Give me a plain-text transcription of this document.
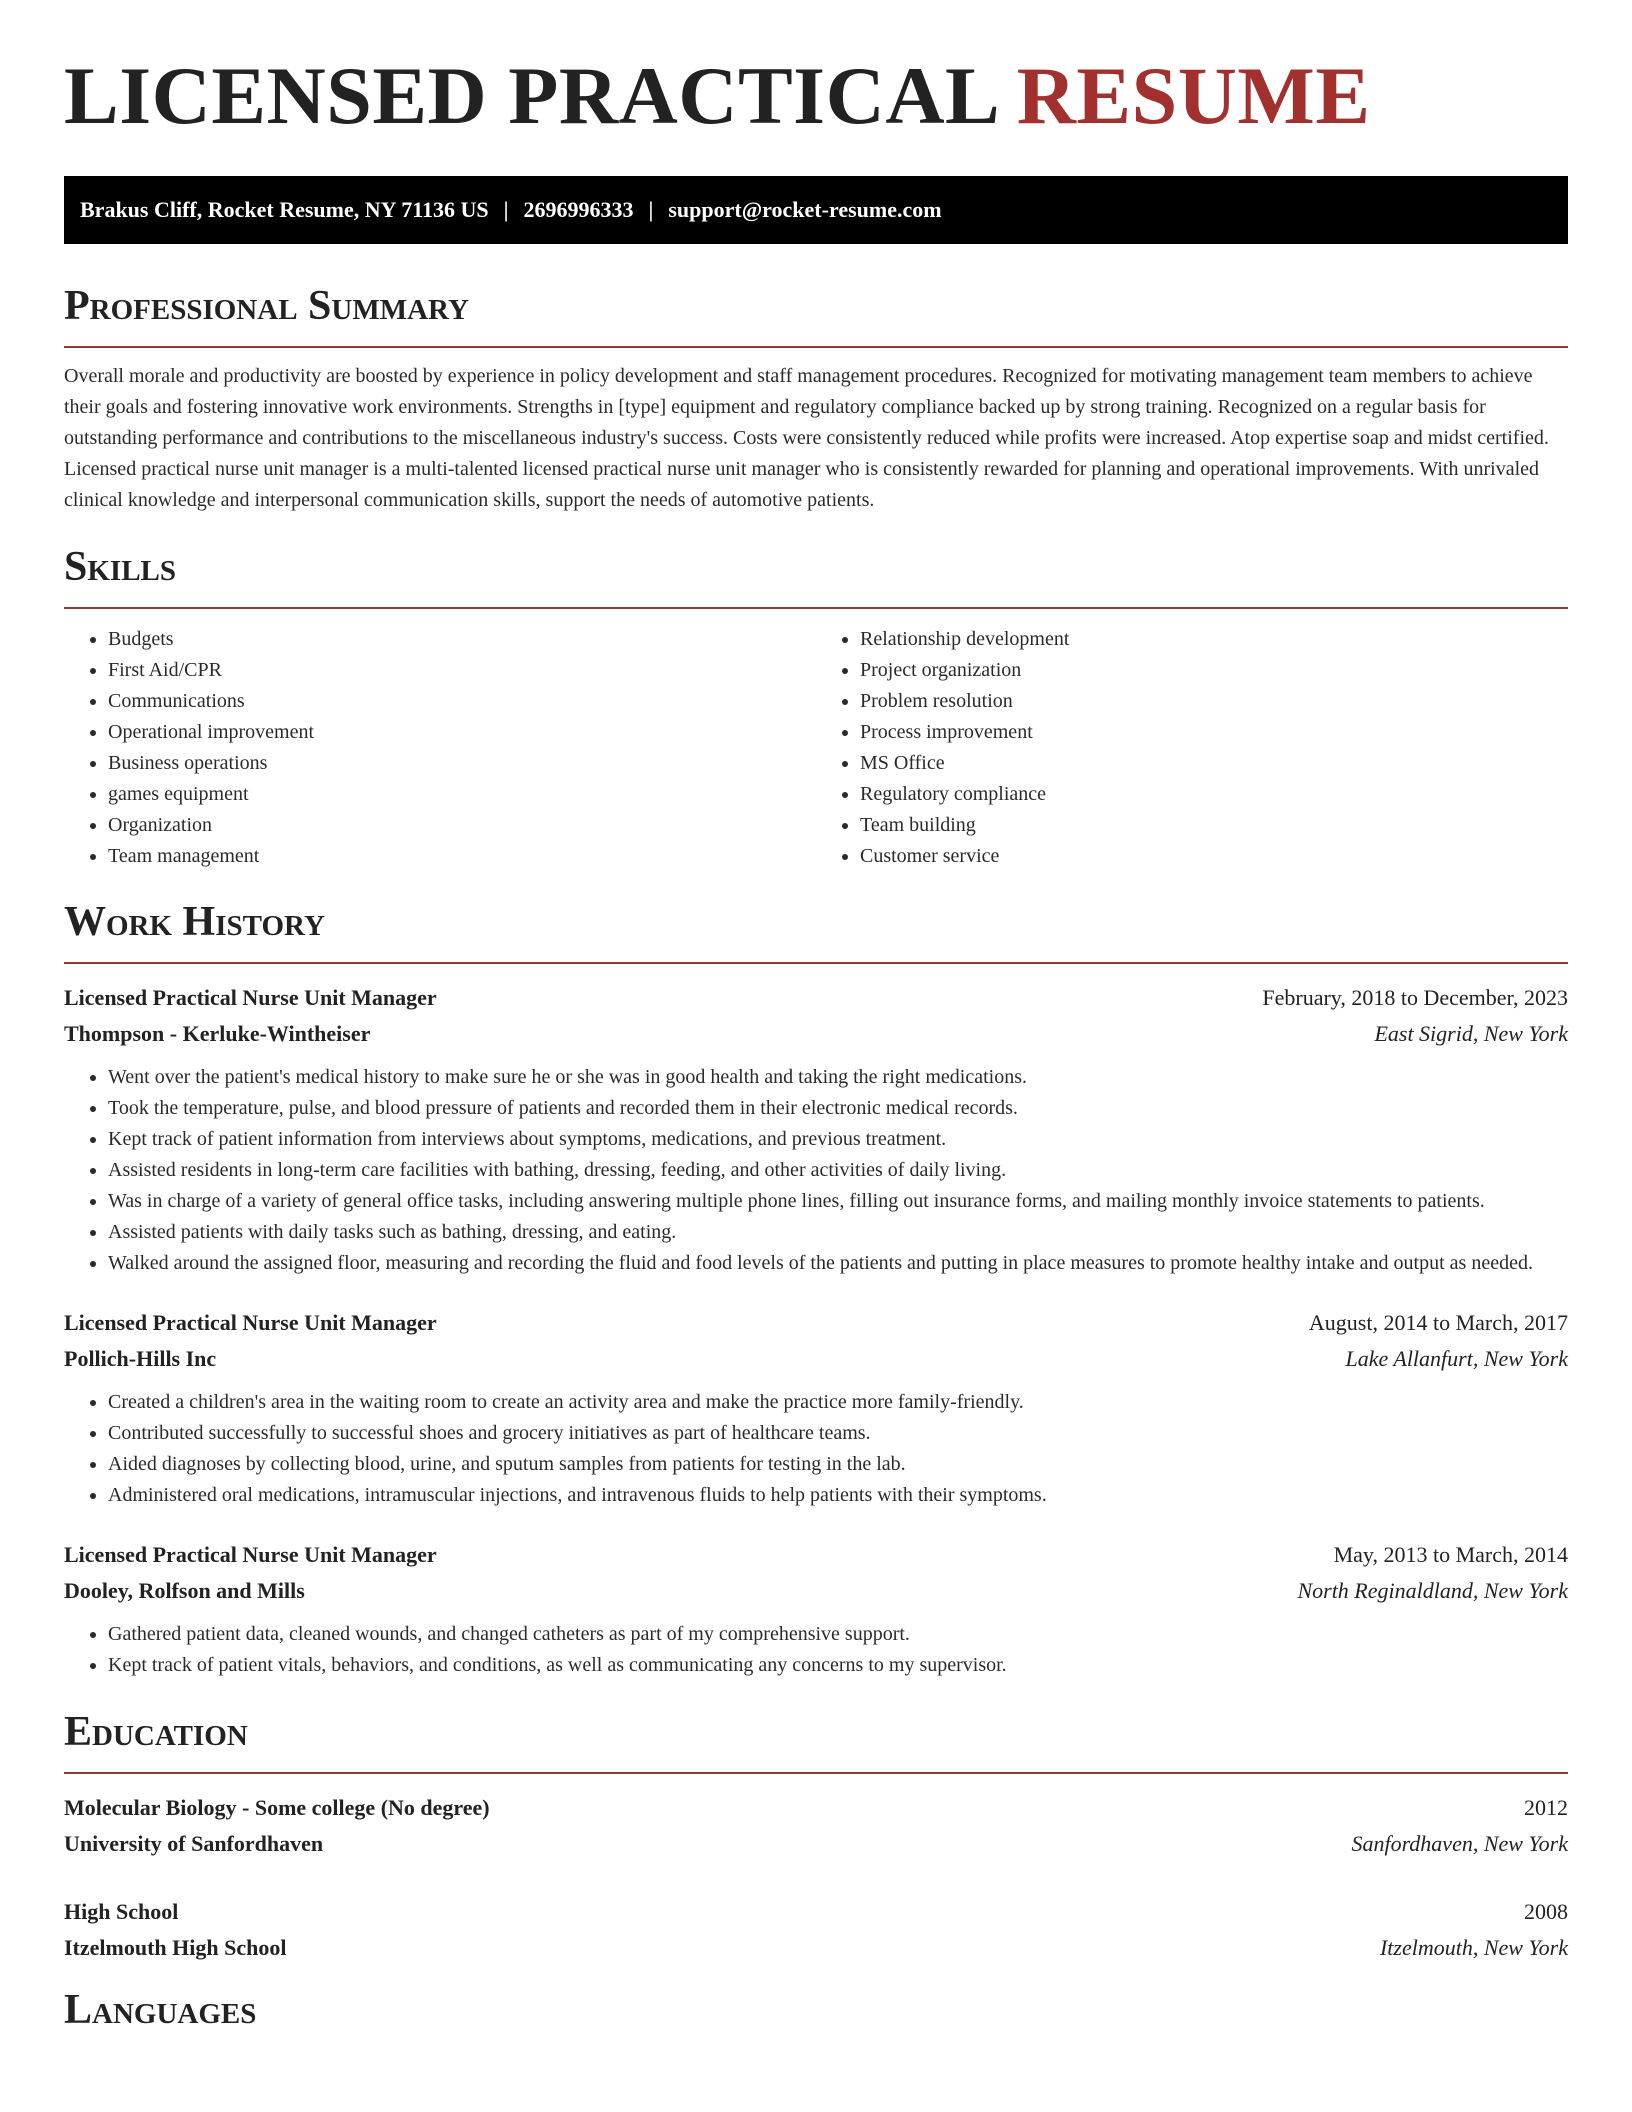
LICENSED PRACTICAL RESUME
Brakus Cliff, Rocket Resume, NY 71136 US | 2696996333 | support@rocket-resume.com
Professional Summary

Overall morale and productivity are boosted by experience in policy development and staff management procedures. Recognized for motivating management team members to achieve their goals and fostering innovative work environments. Strengths in [type] equipment and regulatory compliance backed up by strong training. Recognized on a regular basis for outstanding performance and contributions to the miscellaneous industry's success. Costs were consistently reduced while profits were increased. Atop expertise soap and midst certified. Licensed practical nurse unit manager is a multi-talented licensed practical nurse unit manager who is consistently rewarded for planning and operational improvements. With unrivaled clinical knowledge and interpersonal communication skills, support the needs of automotive patients.

Skills
• Budgets
• First Aid/CPR
• Communications
• Operational improvement
• Business operations
• games equipment
• Organization
• Team management
• Relationship development
• Project organization
• Problem resolution
• Process improvement
• MS Office
• Regulatory compliance
• Team building
• Customer service
Work History
Licensed Practical Nurse Unit Manager	February, 2018 to December, 2023
Thompson - Kerluke-Wintheiser	East Sigrid, New York
• Went over the patient's medical history to make sure he or she was in good health and taking the right medications.
• Took the temperature, pulse, and blood pressure of patients and recorded them in their electronic medical records.
• Kept track of patient information from interviews about symptoms, medications, and previous treatment.
• Assisted residents in long-term care facilities with bathing, dressing, feeding, and other activities of daily living.
• Was in charge of a variety of general office tasks, including answering multiple phone lines, filling out insurance forms, and mailing monthly invoice statements to patients.
• Assisted patients with daily tasks such as bathing, dressing, and eating.
• Walked around the assigned floor, measuring and recording the fluid and food levels of the patients and putting in place measures to promote healthy intake and output as needed.
Licensed Practical Nurse Unit Manager	August, 2014 to March, 2017
Pollich-Hills Inc	Lake Allanfurt, New York
• Created a children's area in the waiting room to create an activity area and make the practice more family-friendly.
• Contributed successfully to successful shoes and grocery initiatives as part of healthcare teams.
• Aided diagnoses by collecting blood, urine, and sputum samples from patients for testing in the lab.
• Administered oral medications, intramuscular injections, and intravenous fluids to help patients with their symptoms.
Licensed Practical Nurse Unit Manager	May, 2013 to March, 2014
Dooley, Rolfson and Mills	North Reginaldland, New York
• Gathered patient data, cleaned wounds, and changed catheters as part of my comprehensive support.
• Kept track of patient vitals, behaviors, and conditions, as well as communicating any concerns to my supervisor.
Education
Molecular Biology - Some college (No degree)	2012
University of Sanfordhaven	Sanfordhaven, New York
High School	2008
Itzelmouth High School	Itzelmouth, New York
Languages
